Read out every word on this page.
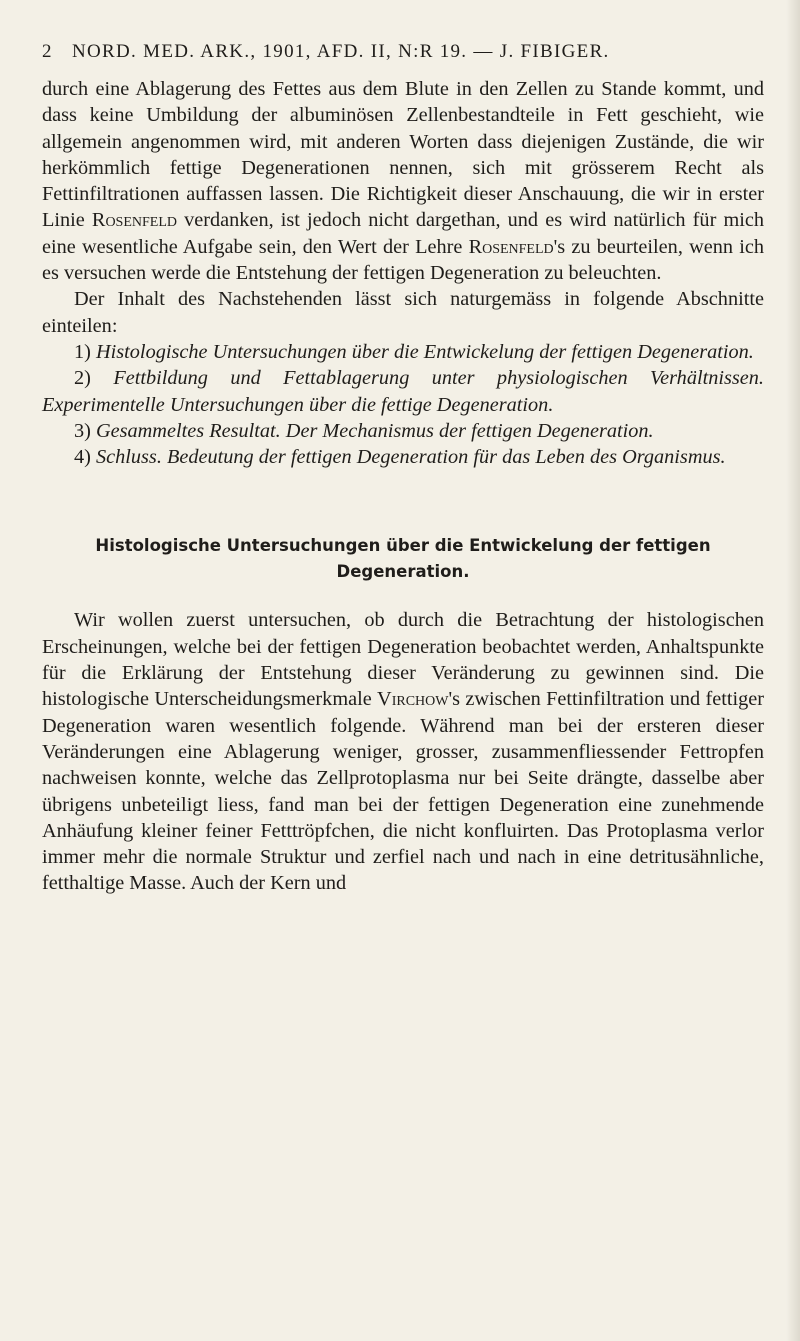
2 NORD. MED. ARK., 1901, AFD. II, N:R 19. — J. FIBIGER.

durch eine Ablagerung des Fettes aus dem Blute in den Zellen zu Stande kommt, und dass keine Umbildung der albuminösen Zellenbestandteile in Fett geschieht, wie allgemein angenommen wird, mit anderen Worten dass diejenigen Zustände, die wir herkömmlich fettige Degenerationen nennen, sich mit grösserem Recht als Fettinfiltrationen auffassen lassen. Die Richtigkeit dieser Anschauung, die wir in erster Linie Rosenfeld verdanken, ist jedoch nicht dargethan, und es wird natürlich für mich eine wesentliche Aufgabe sein, den Wert der Lehre Rosenfeld's zu beurteilen, wenn ich es versuchen werde die Entstehung der fettigen Degeneration zu beleuchten.

Der Inhalt des Nachstehenden lässt sich naturgemäss in folgende Abschnitte einteilen:

1) Histologische Untersuchungen über die Entwickelung der fettigen Degeneration.

2) Fettbildung und Fettablagerung unter physiologischen Verhältnissen. Experimentelle Untersuchungen über die fettige Degeneration.

3) Gesammeltes Resultat. Der Mechanismus der fettigen Degeneration.

4) Schluss. Bedeutung der fettigen Degeneration für das Leben des Organismus.

Histologische Untersuchungen über die Entwickelung der fettigen Degeneration.

Wir wollen zuerst untersuchen, ob durch die Betrachtung der histologischen Erscheinungen, welche bei der fettigen Degeneration beobachtet werden, Anhaltspunkte für die Erklärung der Entstehung dieser Veränderung zu gewinnen sind. Die histologische Unterscheidungsmerkmale Virchow's zwischen Fettinfiltration und fettiger Degeneration waren wesentlich folgende. Während man bei der ersteren dieser Veränderungen eine Ablagerung weniger, grosser, zusammenfliessender Fettropfen nachweisen konnte, welche das Zellprotoplasma nur bei Seite drängte, dasselbe aber übrigens unbeteiligt liess, fand man bei der fettigen Degeneration eine zunehmende Anhäufung kleiner feiner Fetttröpfchen, die nicht konfluirten. Das Protoplasma verlor immer mehr die normale Struktur und zerfiel nach und nach in eine detritusähnliche, fetthaltige Masse. Auch der Kern und
